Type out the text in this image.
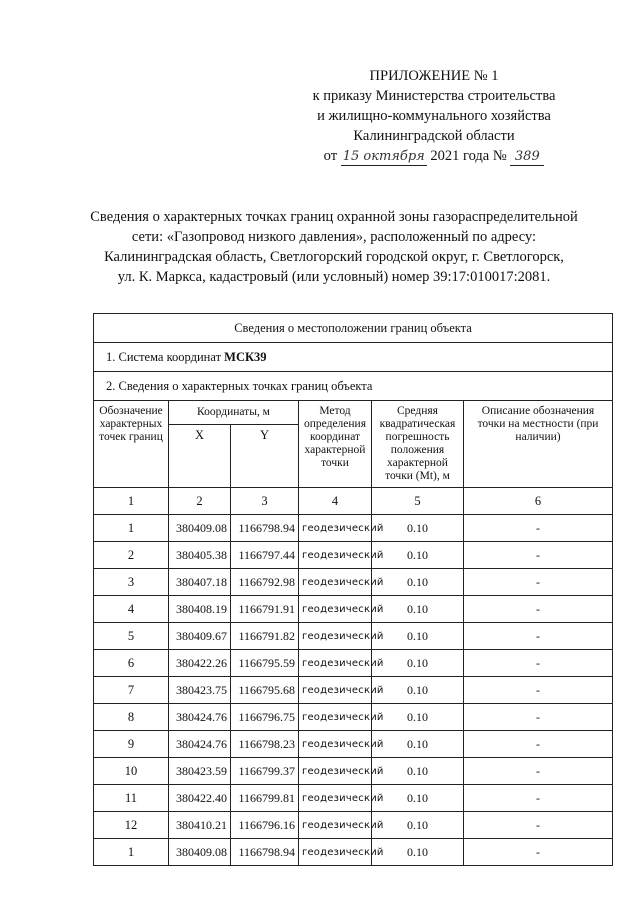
ПРИЛОЖЕНИЕ № 1
к приказу Министерства строительства
и жилищно-коммунального хозяйства
Калининградской области
от 15 октября 2021 года № 389
Сведения о характерных точках границ охранной зоны газораспределительной
сети: «Газопровод низкого давления», расположенный по адресу:
Калининградская область, Светлогорский городской округ, г. Светлогорск,
ул. К. Маркса, кадастровый (или условный) номер 39:17:010017:2081.
Сведения о местоположении границ объекта					
1. Система координат МСК39					
2. Сведения о характерных точках границ объекта					
Обозначение характерных точек границ	Координаты, м		Метод определения координат характерной точки	Средняя квадратическая погрешность положения характерной точки (Mt), м	Описание обозначения точки на местности (при наличии)
	X	Y			
1	2	3	4	5	6
1	380409.08	1166798.94	геодезический	0.10	-
2	380405.38	1166797.44	геодезический	0.10	-
3	380407.18	1166792.98	геодезический	0.10	-
4	380408.19	1166791.91	геодезический	0.10	-
5	380409.67	1166791.82	геодезический	0.10	-
6	380422.26	1166795.59	геодезический	0.10	-
7	380423.75	1166795.68	геодезический	0.10	-
8	380424.76	1166796.75	геодезический	0.10	-
9	380424.76	1166798.23	геодезический	0.10	-
10	380423.59	1166799.37	геодезический	0.10	-
11	380422.40	1166799.81	геодезический	0.10	-
12	380410.21	1166796.16	геодезический	0.10	-
1	380409.08	1166798.94	геодезический	0.10	-
